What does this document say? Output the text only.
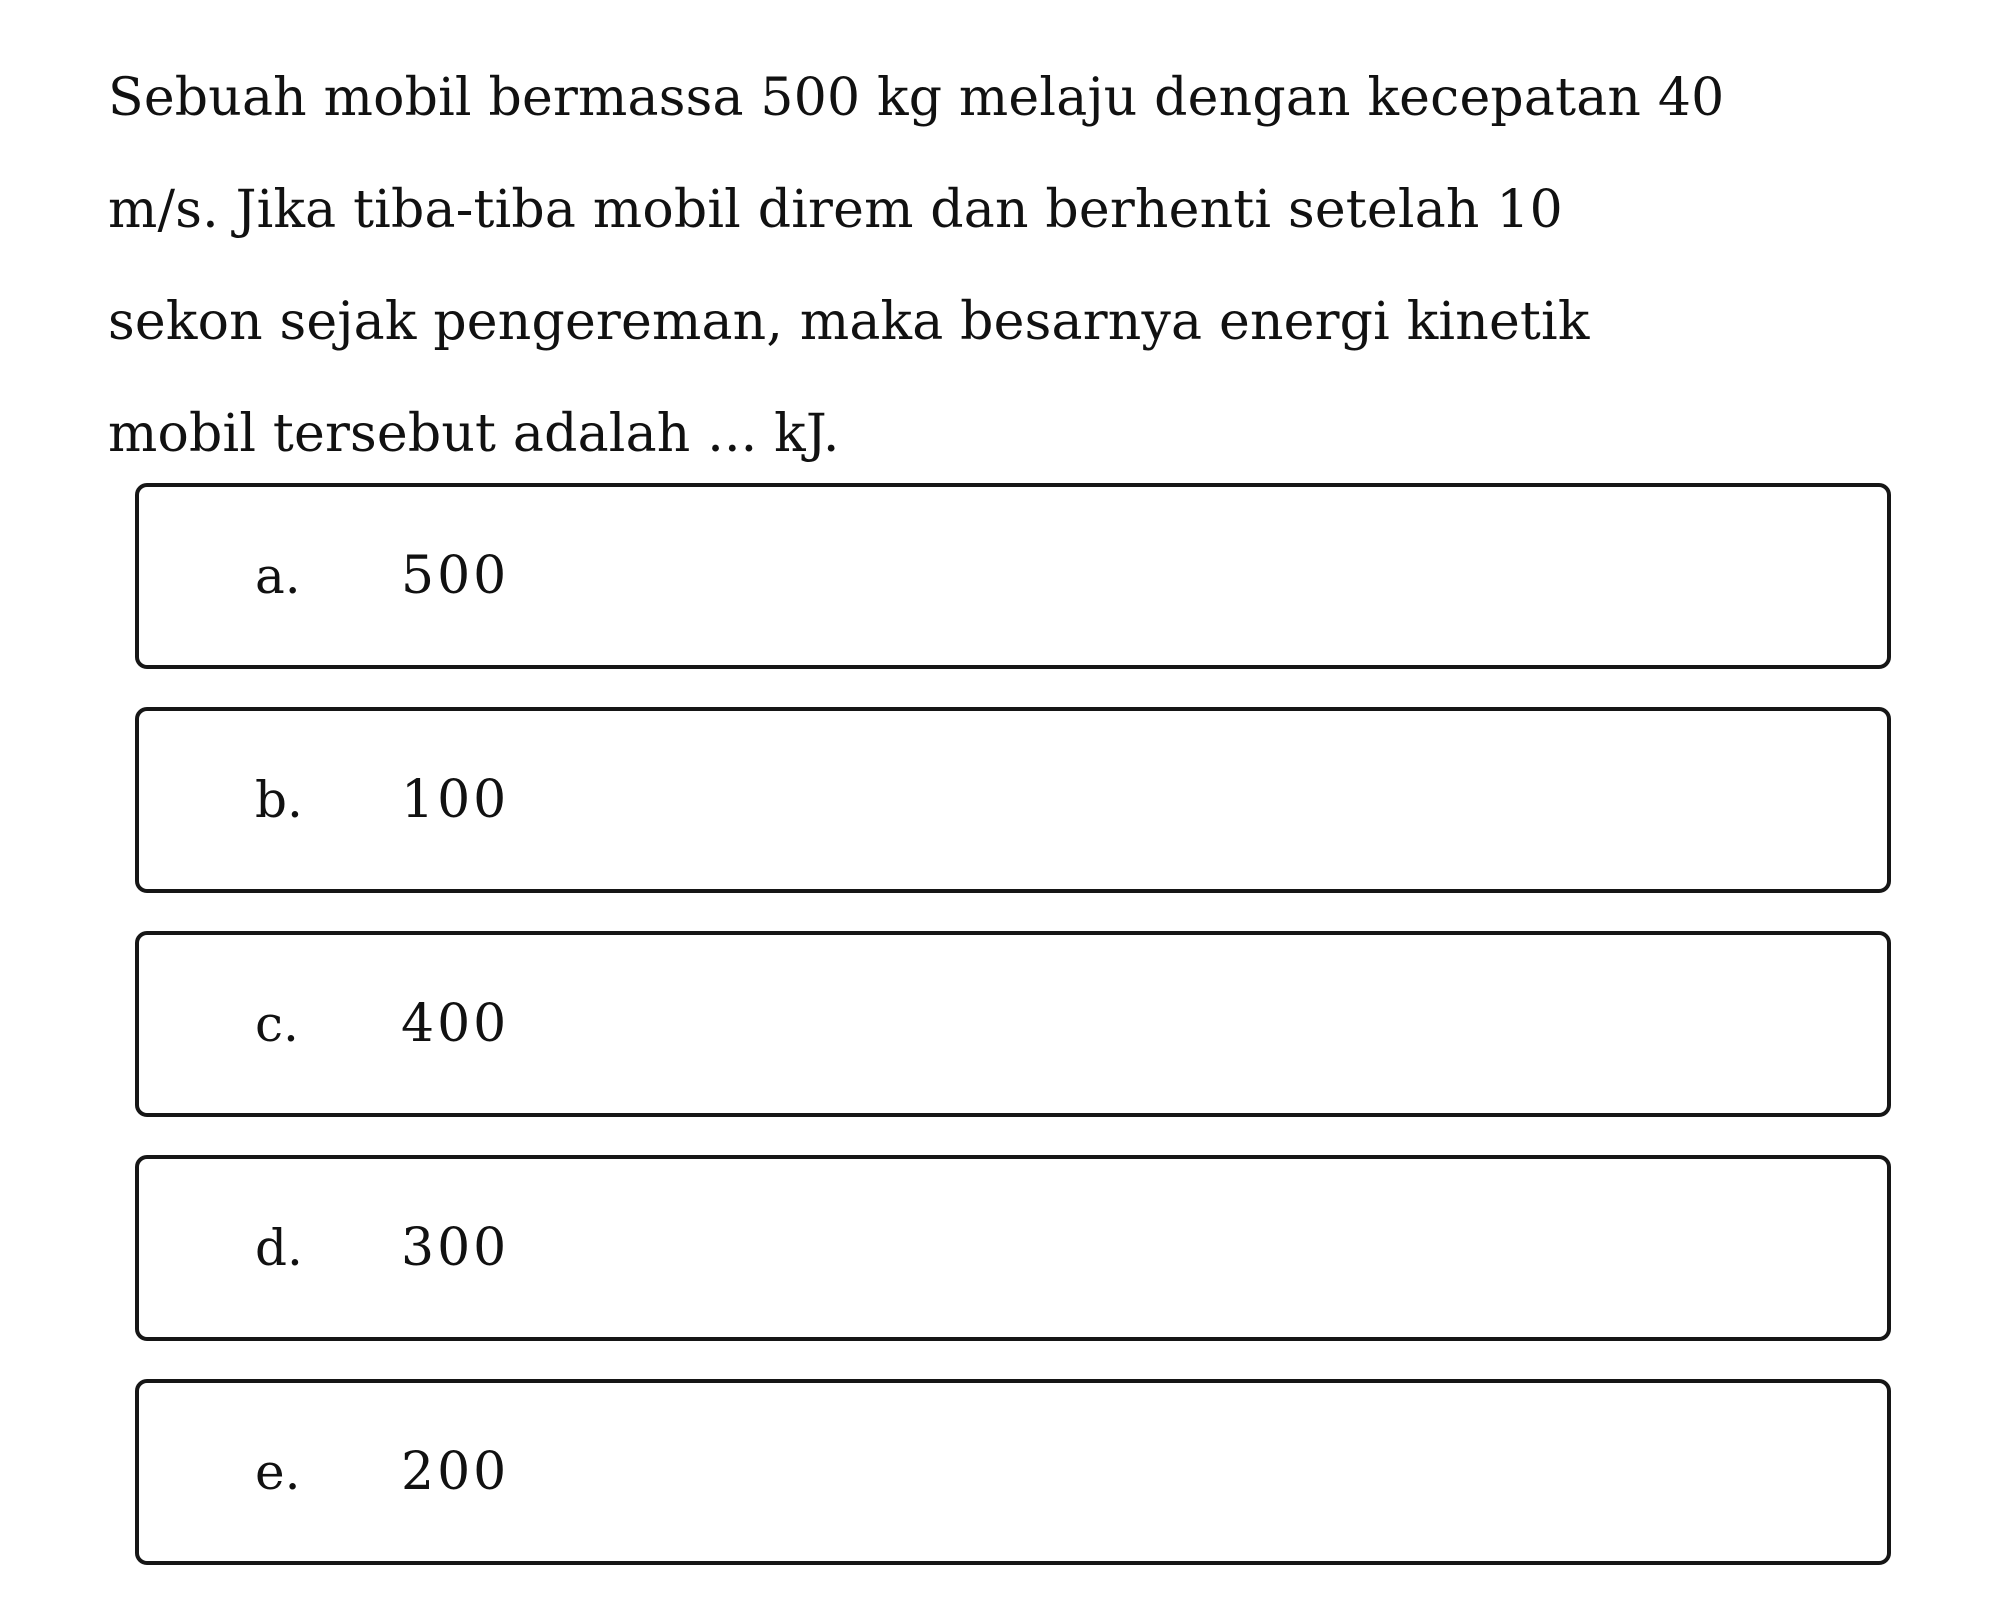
Sebuah mobil bermassa 500 kg melaju dengan kecepatan 40
m/s. Jika tiba-tiba mobil direm dan berhenti setelah 10
sekon sejak pengereman, maka besarnya energi kinetik
mobil tersebut adalah ... kJ.
a. 500
b. 100
c. 400
d. 300
e. 200
